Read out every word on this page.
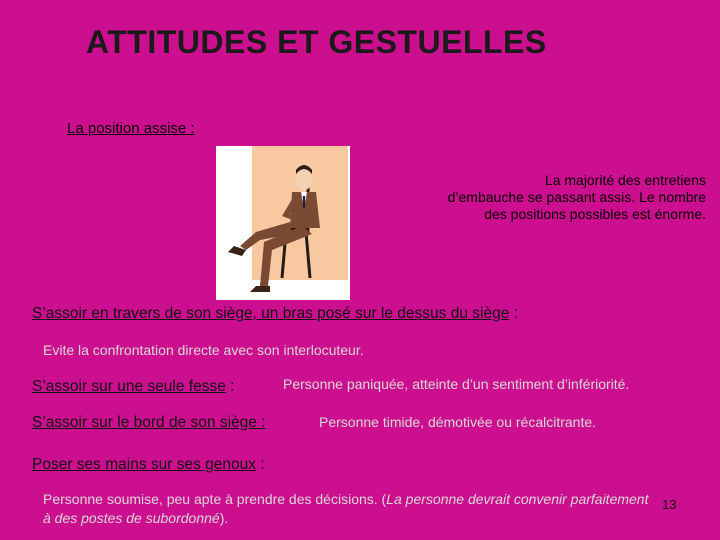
ATTITUDES ET GESTUELLES
La position assise :
La majorité des entretiens
d’embauche se passant assis. Le nombre
des positions possibles est énorme.
S’assoir en travers de son siège, un bras posé sur le dessus du siège :
Evite la confrontation directe avec son interlocuteur.
S’assoir sur une seule fesse :	Personne paniquée, atteinte d’un sentiment d’infériorité.
S’assoir sur le bord de son siège :	Personne timide, démotivée ou récalcitrante.
Poser ses mains sur ses genoux :
Personne soumise, peu apte à prendre des décisions. (La personne devrait convenir parfaitement à des postes de subordonné).
13
